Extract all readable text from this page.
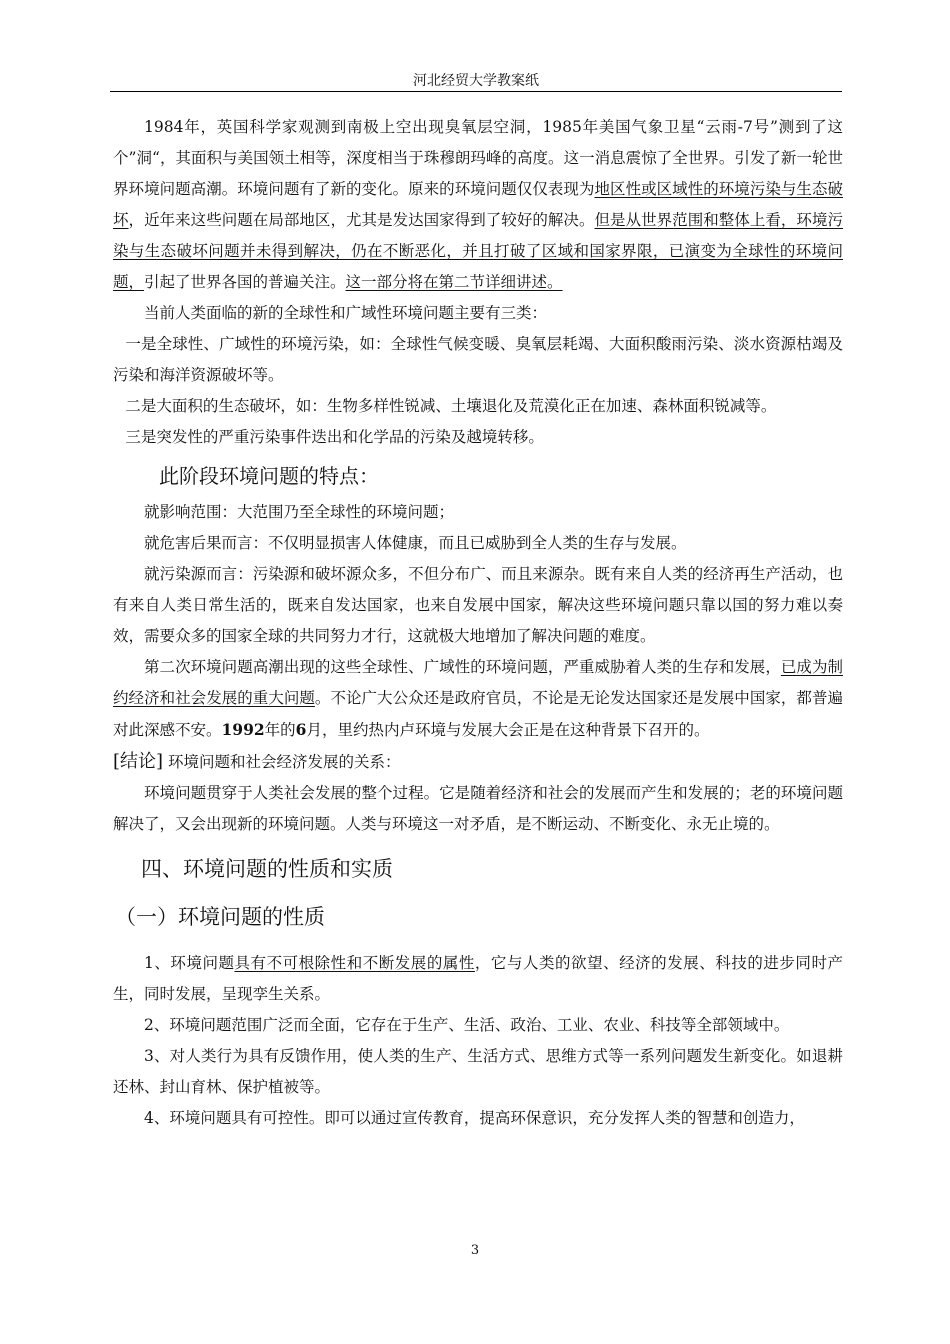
河北经贸大学教案纸

1984年，英国科学家观测到南极上空出现臭氧层空洞，1985年美国气象卫星“云雨-7号”测到了这个”洞“，其面积与美国领土相等，深度相当于珠穆朗玛峰的高度。这一消息震惊了全世界。引发了新一轮世界环境问题高潮。环境问题有了新的变化。原来的环境问题仅仅表现为地区性或区域性的环境污染与生态破坏，近年来这些问题在局部地区，尤其是发达国家得到了较好的解决。但是从世界范围和整体上看，环境污染与生态破坏问题并未得到解决，仍在不断恶化，并且打破了区域和国家界限，已演变为全球性的环境问题，引起了世界各国的普遍关注。这一部分将在第二节详细讲述。

当前人类面临的新的全球性和广域性环境问题主要有三类：

一是全球性、广域性的环境污染，如：全球性气候变暖、臭氧层耗竭、大面积酸雨污染、淡水资源枯竭及污染和海洋资源破坏等。

二是大面积的生态破坏，如：生物多样性锐减、土壤退化及荒漠化正在加速、森林面积锐减等。

三是突发性的严重污染事件迭出和化学品的污染及越境转移。

此阶段环境问题的特点：

就影响范围：大范围乃至全球性的环境问题；

就危害后果而言：不仅明显损害人体健康，而且已威胁到全人类的生存与发展。

就污染源而言：污染源和破坏源众多，不但分布广、而且来源杂。既有来自人类的经济再生产活动，也有来自人类日常生活的，既来自发达国家，也来自发展中国家，解决这些环境问题只靠以国的努力难以奏效，需要众多的国家全球的共同努力才行，这就极大地增加了解决问题的难度。

第二次环境问题高潮出现的这些全球性、广域性的环境问题，严重威胁着人类的生存和发展，已成为制约经济和社会发展的重大问题。不论广大公众还是政府官员，不论是无论发达国家还是发展中国家，都普遍对此深感不安。1992年的6月，里约热内卢环境与发展大会正是在这种背景下召开的。

[结论] 环境问题和社会经济发展的关系：

环境问题贯穿于人类社会发展的整个过程。它是随着经济和社会的发展而产生和发展的；老的环境问题解决了，又会出现新的环境问题。人类与环境这一对矛盾，是不断运动、不断变化、永无止境的。

四、环境问题的性质和实质
（一）环境问题的性质

1、环境问题具有不可根除性和不断发展的属性，它与人类的欲望、经济的发展、科技的进步同时产生，同时发展，呈现孪生关系。

2、环境问题范围广泛而全面，它存在于生产、生活、政治、工业、农业、科技等全部领域中。

3、对人类行为具有反馈作用，使人类的生产、生活方式、思维方式等一系列问题发生新变化。如退耕还林、封山育林、保护植被等。

4、环境问题具有可控性。即可以通过宣传教育，提高环保意识，充分发挥人类的智慧和创造力，

3
